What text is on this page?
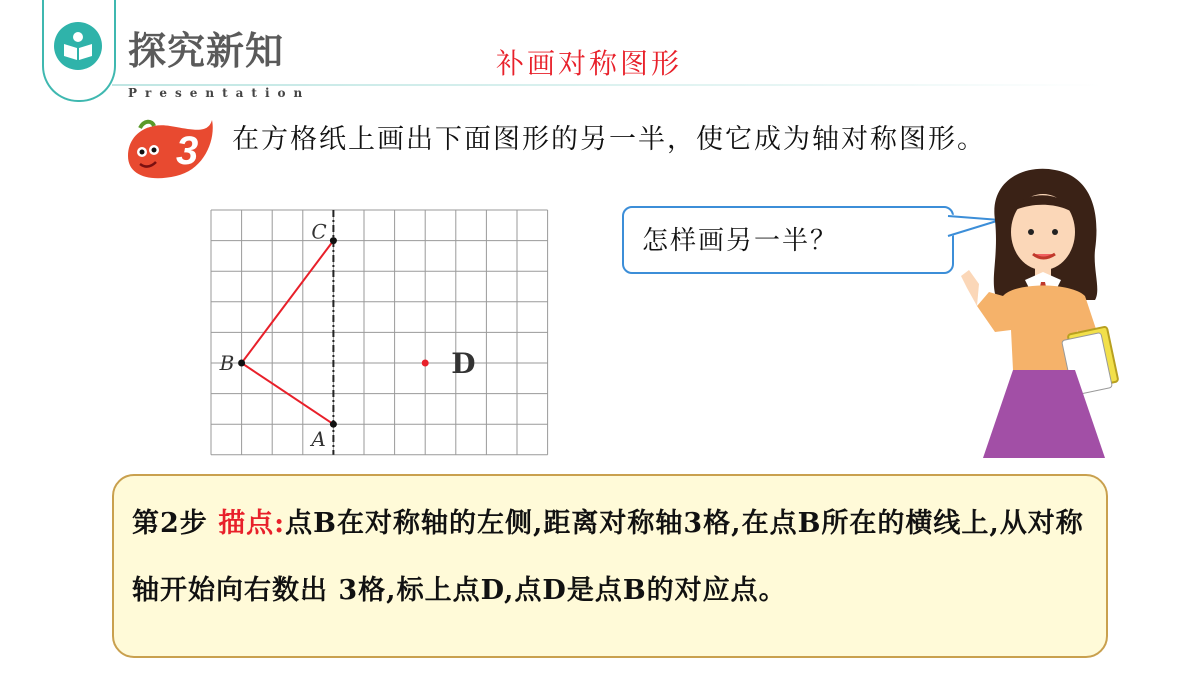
探究新知
Presentation
补画对称图形
3 在方格纸上画出下面图形的另一半，使它成为轴对称图形。
C
B
A
D
怎样画另一半？
第2步 描点:点B在对称轴的左侧,距离对称轴3格,在点B所在的横线上,从对称轴开始向右数出 3格,标上点D,点D是点B的对应点。
